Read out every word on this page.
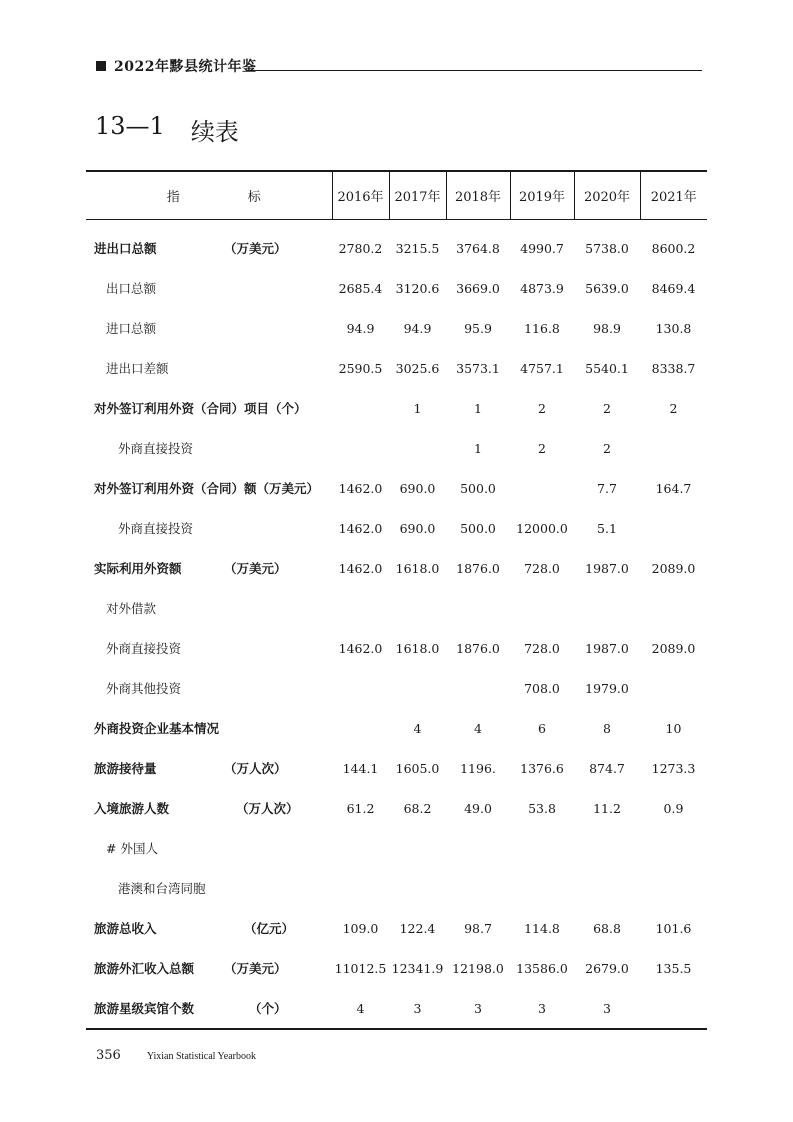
2022年黟县统计年鉴
13—1 续表
指 标	2016年	2017年	2018年	2019年	2020年	2021年

进出口总额 （万美元）	2780.2	3215.5	3764.8	4990.7	5738.0	8600.2

出口总额	2685.4	3120.6	3669.0	4873.9	5639.0	8469.4

进口总额	94.9	94.9	95.9	116.8	98.9	130.8

进出口差额	2590.5	3025.6	3573.1	4757.1	5540.1	8338.7

对外签订利用外资（合同）项目（个）		1	1	2	2	2

外商直接投资			1	2	2	

对外签订利用外资（合同）额（万美元）	1462.0	690.0	500.0		7.7	164.7

外商直接投资	1462.0	690.0	500.0	12000.0	5.1	

实际利用外资额 （万美元）	1462.0	1618.0	1876.0	728.0	1987.0	2089.0

对外借款						

外商直接投资	1462.0	1618.0	1876.0	728.0	1987.0	2089.0

外商其他投资				708.0	1979.0	

外商投资企业基本情况		4	4	6	8	10

旅游接待量 （万人次）	144.1	1605.0	1196.	1376.6	874.7	1273.3

入境旅游人数 （万人次）	61.2	68.2	49.0	53.8	11.2	0.9

# 外国人						

港澳和台湾同胞						

旅游总收入 （亿元）	109.0	122.4	98.7	114.8	68.8	101.6

旅游外汇收入总额 （万美元）	11012.5	12341.9	12198.0	13586.0	2679.0	135.5

旅游星级宾馆个数 （个）	4	3	3	3	3	
356	Yixian Statistical Yearbook
